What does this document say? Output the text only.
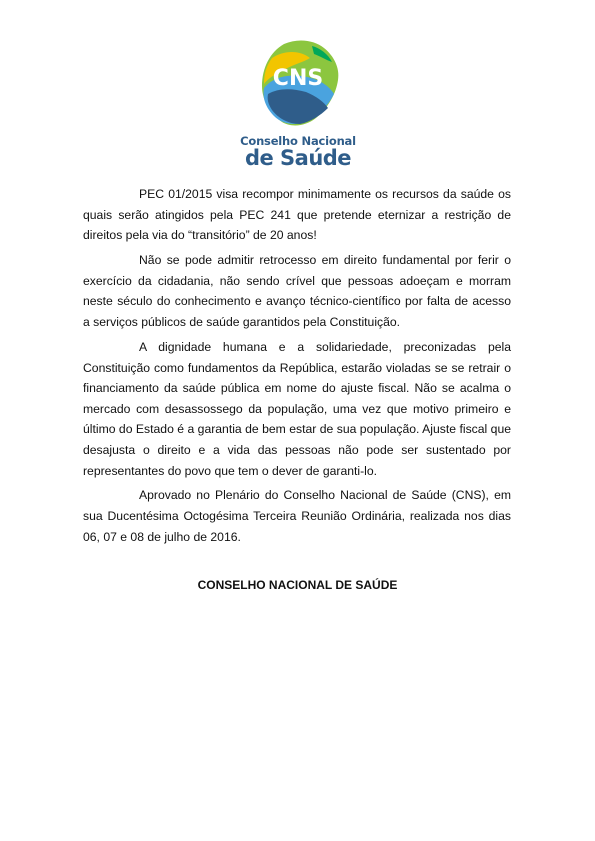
CNS
Conselho Nacional
de Saúde

PEC 01/2015 visa recompor minimamente os recursos da saúde os quais serão atingidos pela PEC 241 que pretende eternizar a restrição de direitos pela via do “transitório” de 20 anos!

Não se pode admitir retrocesso em direito fundamental por ferir o exercício da cidadania, não sendo crível que pessoas adoeçam e morram neste século do conhecimento e avanço técnico-científico por falta de acesso a serviços públicos de saúde garantidos pela Constituição.

A dignidade humana e a solidariedade, preconizadas pela Constituição como fundamentos da República, estarão violadas se se retrair o financiamento da saúde pública em nome do ajuste fiscal. Não se acalma o mercado com desassossego da população, uma vez que motivo primeiro e último do Estado é a garantia de bem estar de sua população. Ajuste fiscal que desajusta o direito e a vida das pessoas não pode ser sustentado por representantes do povo que tem o dever de garanti-lo.

Aprovado no Plenário do Conselho Nacional de Saúde (CNS), em sua Ducentésima Octogésima Terceira Reunião Ordinária, realizada nos dias 06, 07 e 08 de julho de 2016.

CONSELHO NACIONAL DE SAÚDE
